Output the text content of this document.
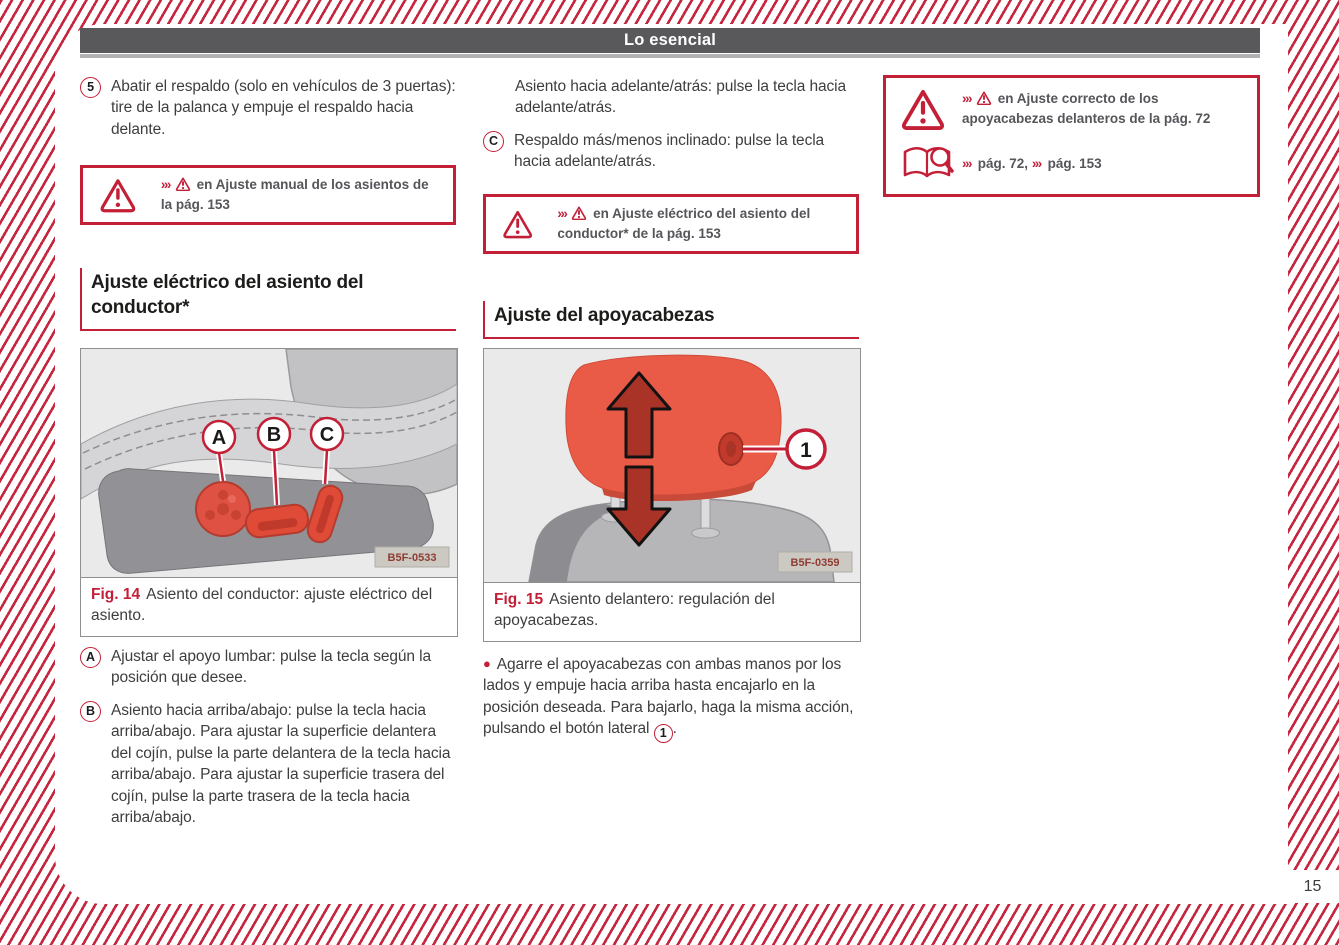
Lo esencial
5	Abatir el respaldo (solo en vehículos de 3 puertas): tire de la palanca y empuje el respaldo hacia delante.
››› en Ajuste manual de los asientos de la pág. 153
Ajuste eléctrico del asiento del conductor*
A B C
B5F-0533
Fig. 14 Asiento del conductor: ajuste eléctrico del asiento.
A	Ajustar el apoyo lumbar: pulse la tecla según la posición que desee.
B	Asiento hacia arriba/abajo: pulse la tecla hacia arriba/abajo. Para ajustar la superficie delantera del cojín, pulse la parte delantera de la tecla hacia arriba/abajo. Para ajustar la superficie trasera del cojín, pulse la parte trasera de la tecla hacia arriba/abajo.
Asiento hacia adelante/atrás: pulse la tecla hacia adelante/atrás.
C	Respaldo más/menos inclinado: pulse la tecla hacia adelante/atrás.
››› en Ajuste eléctrico del asiento del conductor* de la pág. 153
Ajuste del apoyacabezas
1
B5F-0359
Fig. 15 Asiento delantero: regulación del apoyacabezas.
● Agarre el apoyacabezas con ambas manos por los lados y empuje hacia arriba hasta encajarlo en la posición deseada. Para bajarlo, haga la misma acción, pulsando el botón lateral 1 .
››› en Ajuste correcto de los apoyacabezas delanteros de la pág. 72
››› pág. 72, ››› pág. 153
15
